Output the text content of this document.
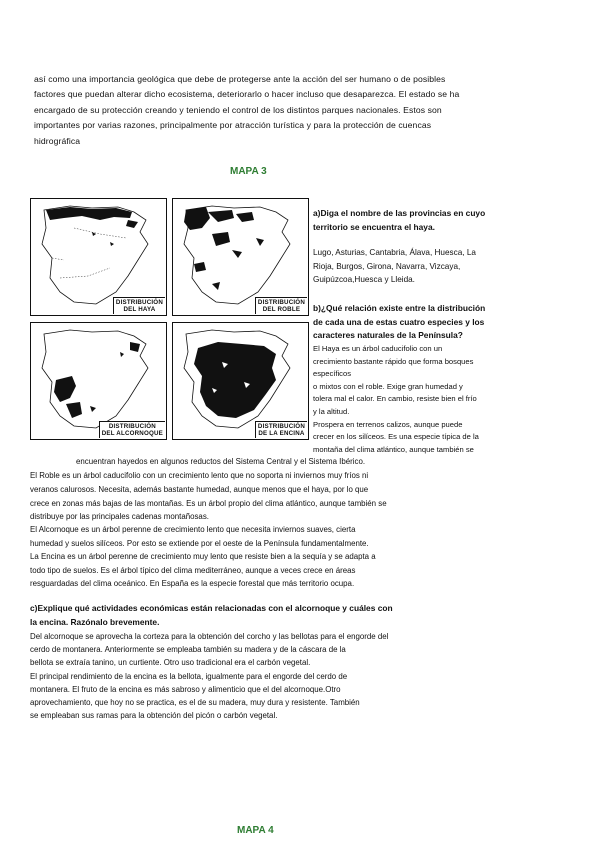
así como una importancia geológica que debe de protegerse ante la acción del ser humano o de posibles
factores que puedan alterar dicho ecosistema, deteriorarlo o hacer incluso que desaparezca. El estado se ha
encargado de su protección creando y teniendo el control de los distintos parques nacionales. Estos son
importantes por varias razones, principalmente por atracción turística y para la protección de cuencas
hidrográfica
MAPA 3
DISTRIBUCIÓN
DEL HAYA
DISTRIBUCIÓN
DEL ROBLE
DISTRIBUCIÓN
DEL ALCORNOQUE
DISTRIBUCIÓN
DE LA ENCINA
a)Diga el nombre de las provincias en cuyo
territorio se encuentra el haya.
Lugo, Asturias, Cantabria, Álava, Huesca, La
Rioja, Burgos, Girona, Navarra, Vizcaya,
Guipúzcoa,Huesca y Lleida.
b)¿Qué relación existe entre la distribución
de cada una de estas cuatro especies y los
caracteres naturales de la Península?
El Haya es un árbol caducifolio con un
crecimiento bastante rápido que forma bosques
específicos
o mixtos con el roble. Exige gran humedad y
tolera mal el calor. En cambio, resiste bien el frío
y la altitud.
Prospera en terrenos calizos, aunque puede
crecer en los silíceos. Es una especie típica de la
montaña del clima atlántico, aunque también se
encuentran hayedos en algunos reductos del Sistema Central y el Sistema Ibérico.
El Roble es un árbol caducifolio con un crecimiento lento que no soporta ni inviernos muy fríos ni
veranos calurosos. Necesita, además bastante humedad, aunque menos que el haya, por lo que
crece en zonas más bajas de las montañas. Es un árbol propio del clima atlántico, aunque también se
distribuye por las principales cadenas montañosas.
El Alcornoque es un árbol perenne de crecimiento lento que necesita inviernos suaves, cierta
humedad y suelos silíceos. Por esto se extiende por el oeste de la Península fundamentalmente.
La Encina es un árbol perenne de crecimiento muy lento que resiste bien a la sequía y se adapta a
todo tipo de suelos. Es el árbol típico del clima mediterráneo, aunque a veces crece en áreas
resguardadas del clima oceánico. En España es la especie forestal que más territorio ocupa.
c)Explique qué actividades económicas están relacionadas con el alcornoque y cuáles con
la encina. Razónalo brevemente.
Del alcornoque se aprovecha la corteza para la obtención del corcho y las bellotas para el engorde del
cerdo de montanera. Anteriormente se empleaba también su madera y de la cáscara de la
bellota se extraía tanino, un curtiente. Otro uso tradicional era el carbón vegetal.
El principal rendimiento de la encina es la bellota, igualmente para el engorde del cerdo de
montanera. El fruto de la encina es más sabroso y alimenticio que el del alcornoque.Otro
aprovechamiento, que hoy no se practica, es el de su madera, muy dura y resistente. También
se empleaban sus ramas para la obtención del picón o carbón vegetal.
MAPA 4
